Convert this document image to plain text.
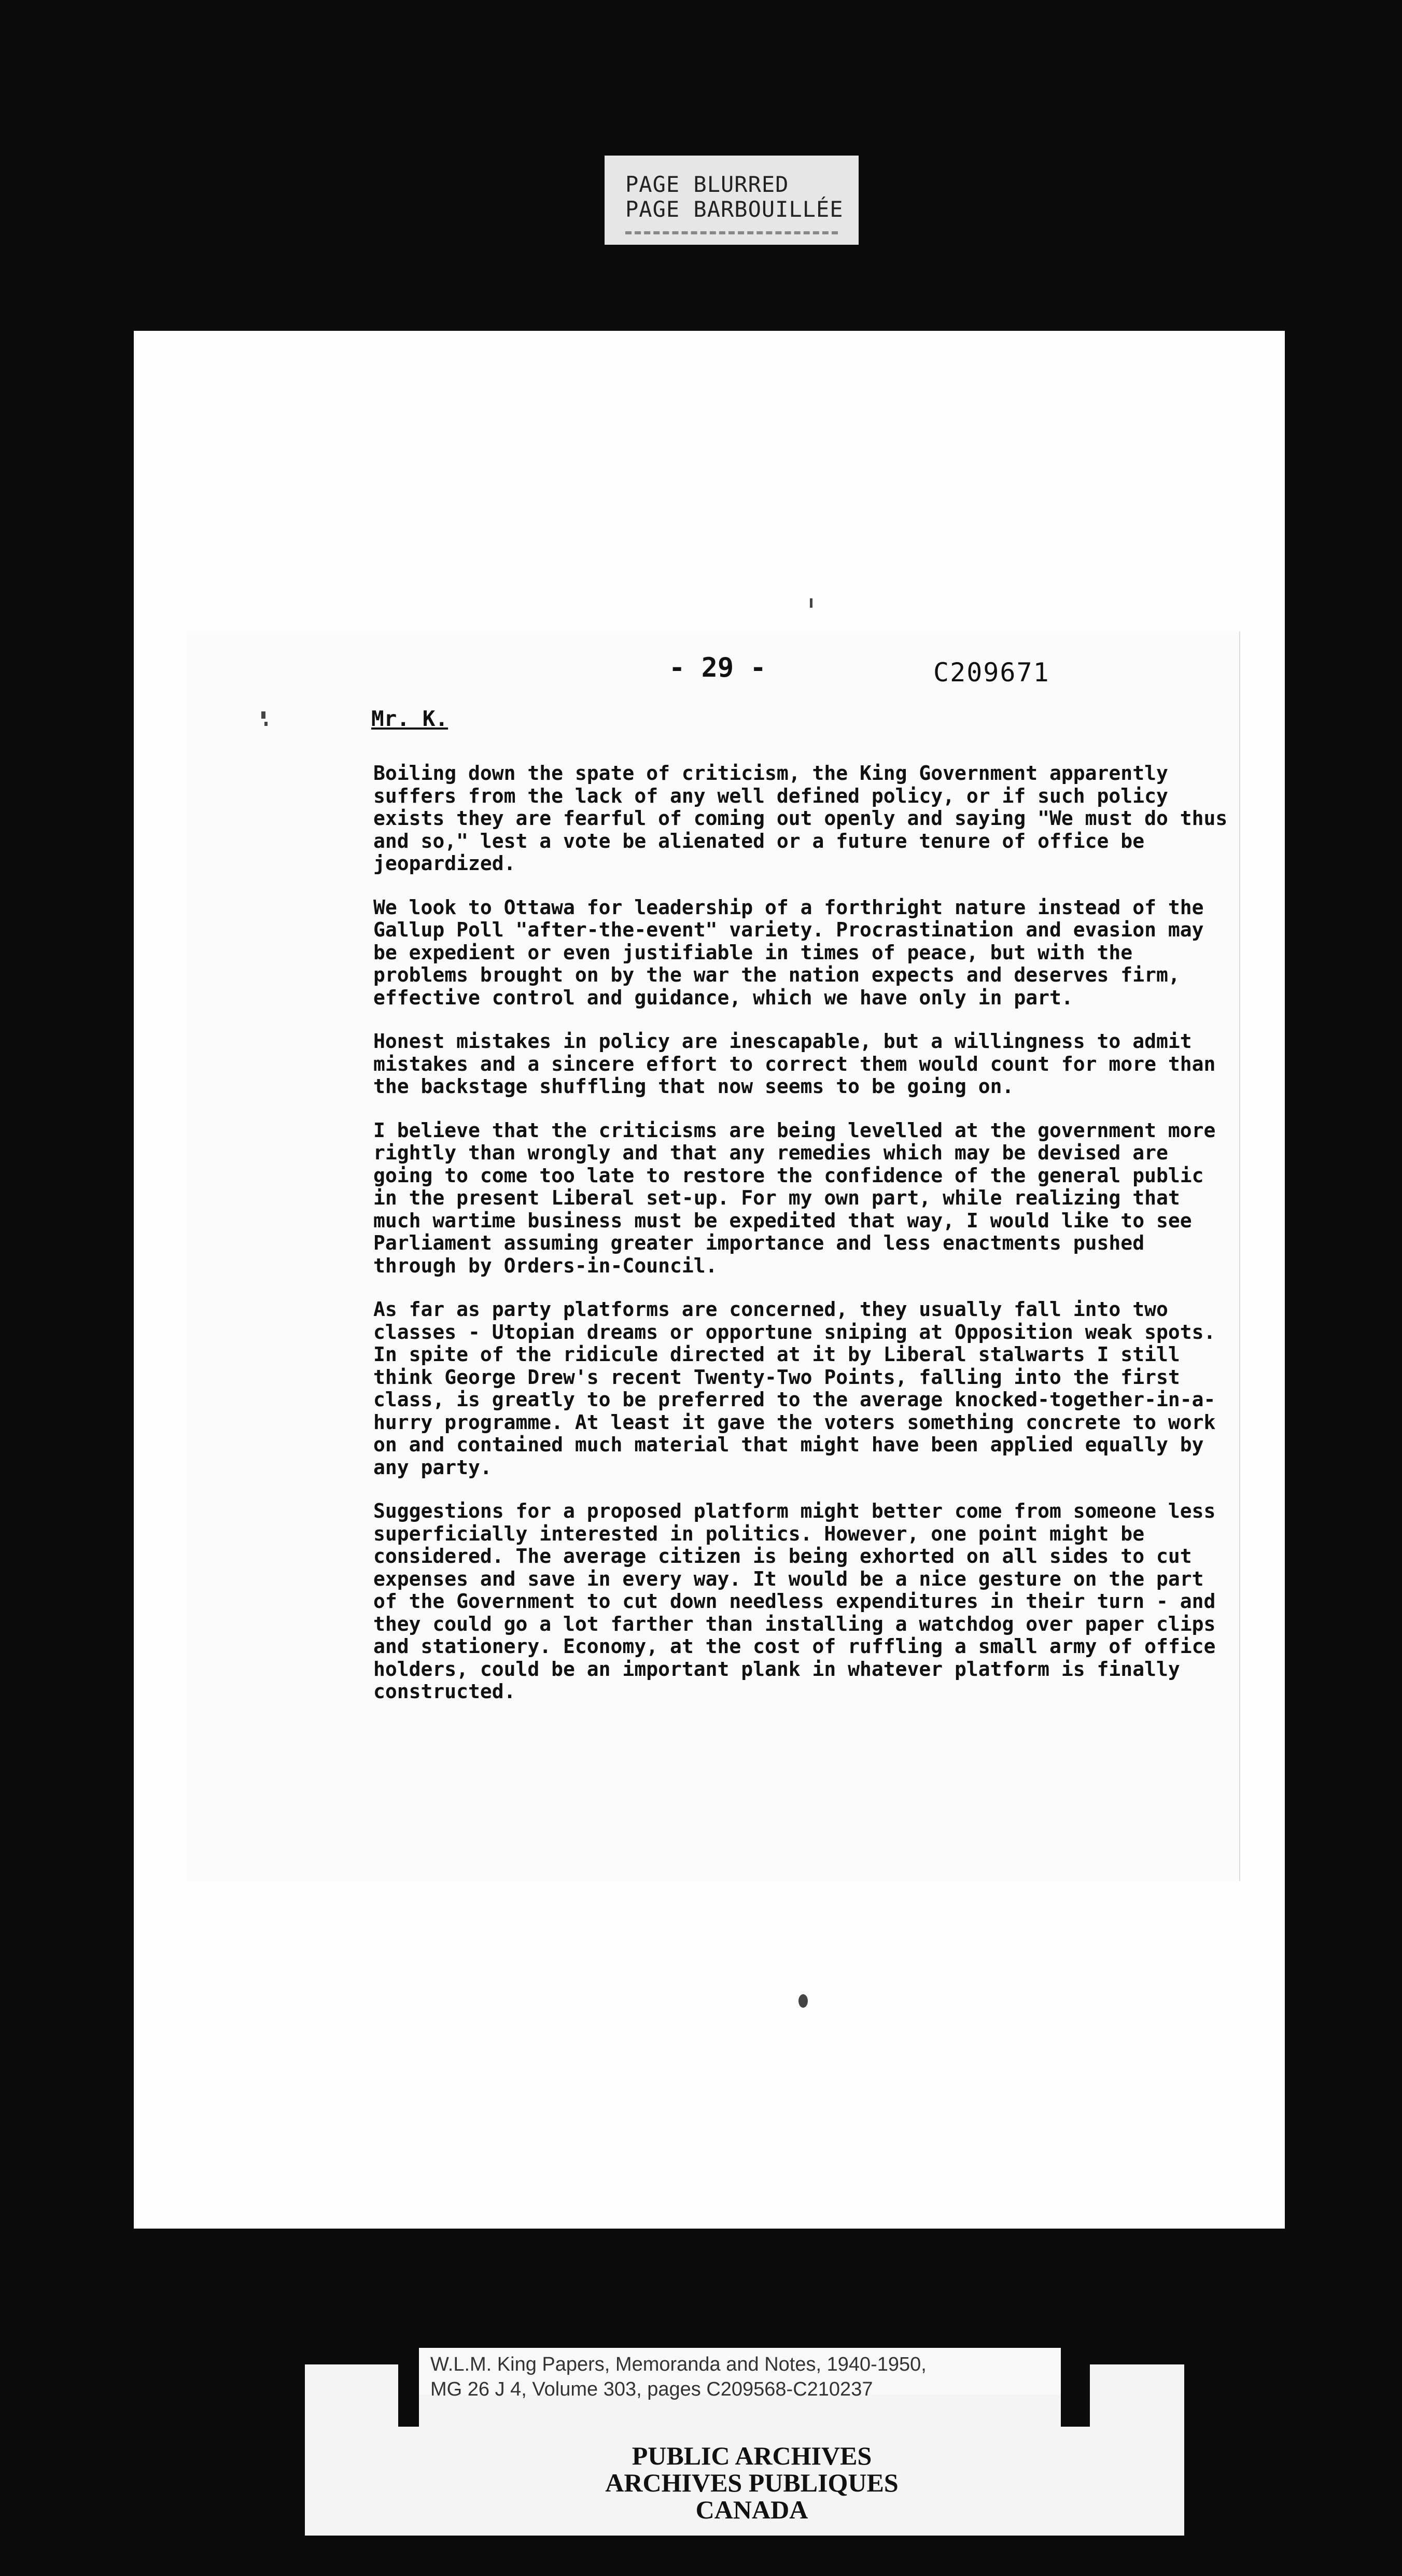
PAGE BLURRED
PAGE BARBOUILLÉE
- 29 -	C209671
Mr. K.

Boiling down the spate of criticism, the King Government apparently suffers from the lack of any well defined policy, or if such policy exists they are fearful of coming out openly and saying "We must do thus and so," lest a vote be alienated or a future tenure of office be jeopardized.

We look to Ottawa for leadership of a forthright nature instead of the Gallup Poll "after-the-event" variety. Procrastination and evasion may be expedient or even justifiable in times of peace, but with the problems brought on by the war the nation expects and deserves firm, effective control and guidance, which we have only in part.

Honest mistakes in policy are inescapable, but a willingness to admit mistakes and a sincere effort to correct them would count for more than the backstage shuffling that now seems to be going on.

I believe that the criticisms are being levelled at the government more rightly than wrongly and that any remedies which may be devised are going to come too late to restore the confidence of the general public in the present Liberal set-up. For my own part, while realizing that much wartime business must be expedited that way, I would like to see Parliament assuming greater importance and less enactments pushed through by Orders-in-Council.

As far as party platforms are concerned, they usually fall into two classes - Utopian dreams or opportune sniping at Opposition weak spots. In spite of the ridicule directed at it by Liberal stalwarts I still think George Drew's recent Twenty-Two Points, falling into the first class, is greatly to be preferred to the average knocked-together-in-a-hurry programme. At least it gave the voters something concrete to work on and contained much material that might have been applied equally by any party.

Suggestions for a proposed platform might better come from someone less superficially interested in politics. However, one point might be considered. The average citizen is being exhorted on all sides to cut expenses and save in every way. It would be a nice gesture on the part of the Government to cut down needless expenditures in their turn - and they could go a lot farther than installing a watchdog over paper clips and stationery. Economy, at the cost of ruffling a small army of office holders, could be an important plank in whatever platform is finally constructed.

W.L.M. King Papers, Memoranda and Notes, 1940-1950,
MG 26 J 4, Volume 303, pages C209568-C210237
PUBLIC ARCHIVES
ARCHIVES PUBLIQUES
CANADA
